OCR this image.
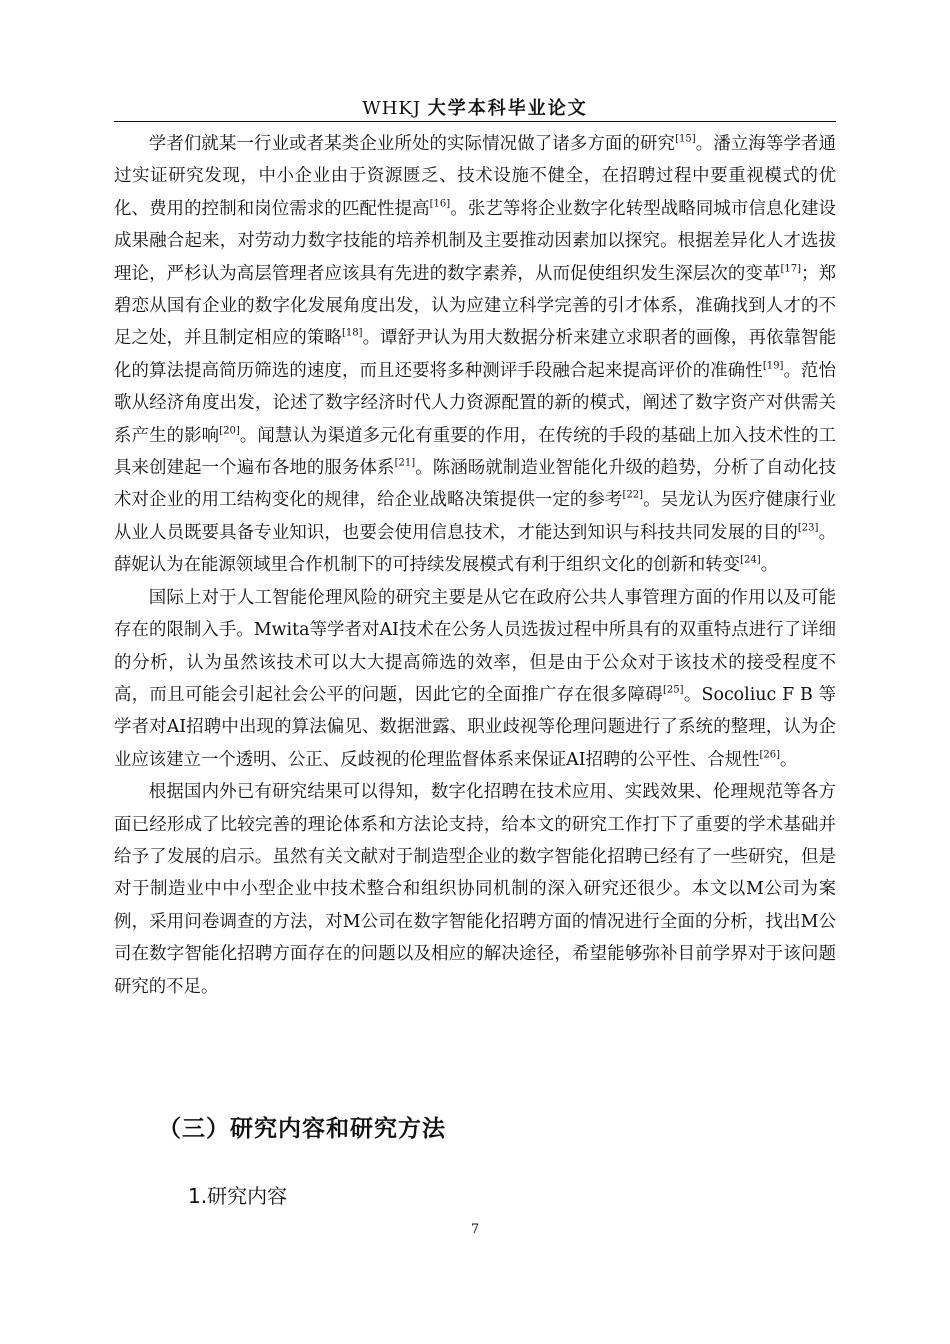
WHKJ 大学本科毕业论文

学者们就某一行业或者某类企业所处的实际情况做了诸多方面的研究[15]。潘立海等学者通过实证研究发现，中小企业由于资源匮乏、技术设施不健全，在招聘过程中要重视模式的优化、费用的控制和岗位需求的匹配性提高[16]。张艺等将企业数字化转型战略同城市信息化建设成果融合起来，对劳动力数字技能的培养机制及主要推动因素加以探究。根据差异化人才选拔理论，严杉认为高层管理者应该具有先进的数字素养，从而促使组织发生深层次的变革[17]；郑碧恋从国有企业的数字化发展角度出发，认为应建立科学完善的引才体系，准确找到人才的不足之处，并且制定相应的策略[18]。谭舒尹认为用大数据分析来建立求职者的画像，再依靠智能化的算法提高简历筛选的速度，而且还要将多种测评手段融合起来提高评价的准确性[19]。范怡歌从经济角度出发，论述了数字经济时代人力资源配置的新的模式，阐述了数字资产对供需关系产生的影响[20]。闻慧认为渠道多元化有重要的作用，在传统的手段的基础上加入技术性的工具来创建起一个遍布各地的服务体系[21]。陈涵旸就制造业智能化升级的趋势，分析了自动化技术对企业的用工结构变化的规律，给企业战略决策提供一定的参考[22]。吴龙认为医疗健康行业从业人员既要具备专业知识，也要会使用信息技术，才能达到知识与科技共同发展的目的[23]。薛妮认为在能源领域里合作机制下的可持续发展模式有利于组织文化的创新和转变[24]。

国际上对于人工智能伦理风险的研究主要是从它在政府公共人事管理方面的作用以及可能存在的限制入手。Mwita等学者对AI技术在公务人员选拔过程中所具有的双重特点进行了详细的分析，认为虽然该技术可以大大提高筛选的效率，但是由于公众对于该技术的接受程度不高，而且可能会引起社会公平的问题，因此它的全面推广存在很多障碍[25]。Socoliuc F B 等学者对AI招聘中出现的算法偏见、数据泄露、职业歧视等伦理问题进行了系统的整理，认为企业应该建立一个透明、公正、反歧视的伦理监督体系来保证AI招聘的公平性、合规性[26]。

根据国内外已有研究结果可以得知，数字化招聘在技术应用、实践效果、伦理规范等各方面已经形成了比较完善的理论体系和方法论支持，给本文的研究工作打下了重要的学术基础并给予了发展的启示。虽然有关文献对于制造型企业的数字智能化招聘已经有了一些研究，但是对于制造业中中小型企业中技术整合和组织协同机制的深入研究还很少。本文以M公司为案例，采用问卷调查的方法，对M公司在数字智能化招聘方面的情况进行全面的分析，找出M公司在数字智能化招聘方面存在的问题以及相应的解决途径，希望能够弥补目前学界对于该问题研究的不足。

（三）研究内容和研究方法
1.研究内容
7
